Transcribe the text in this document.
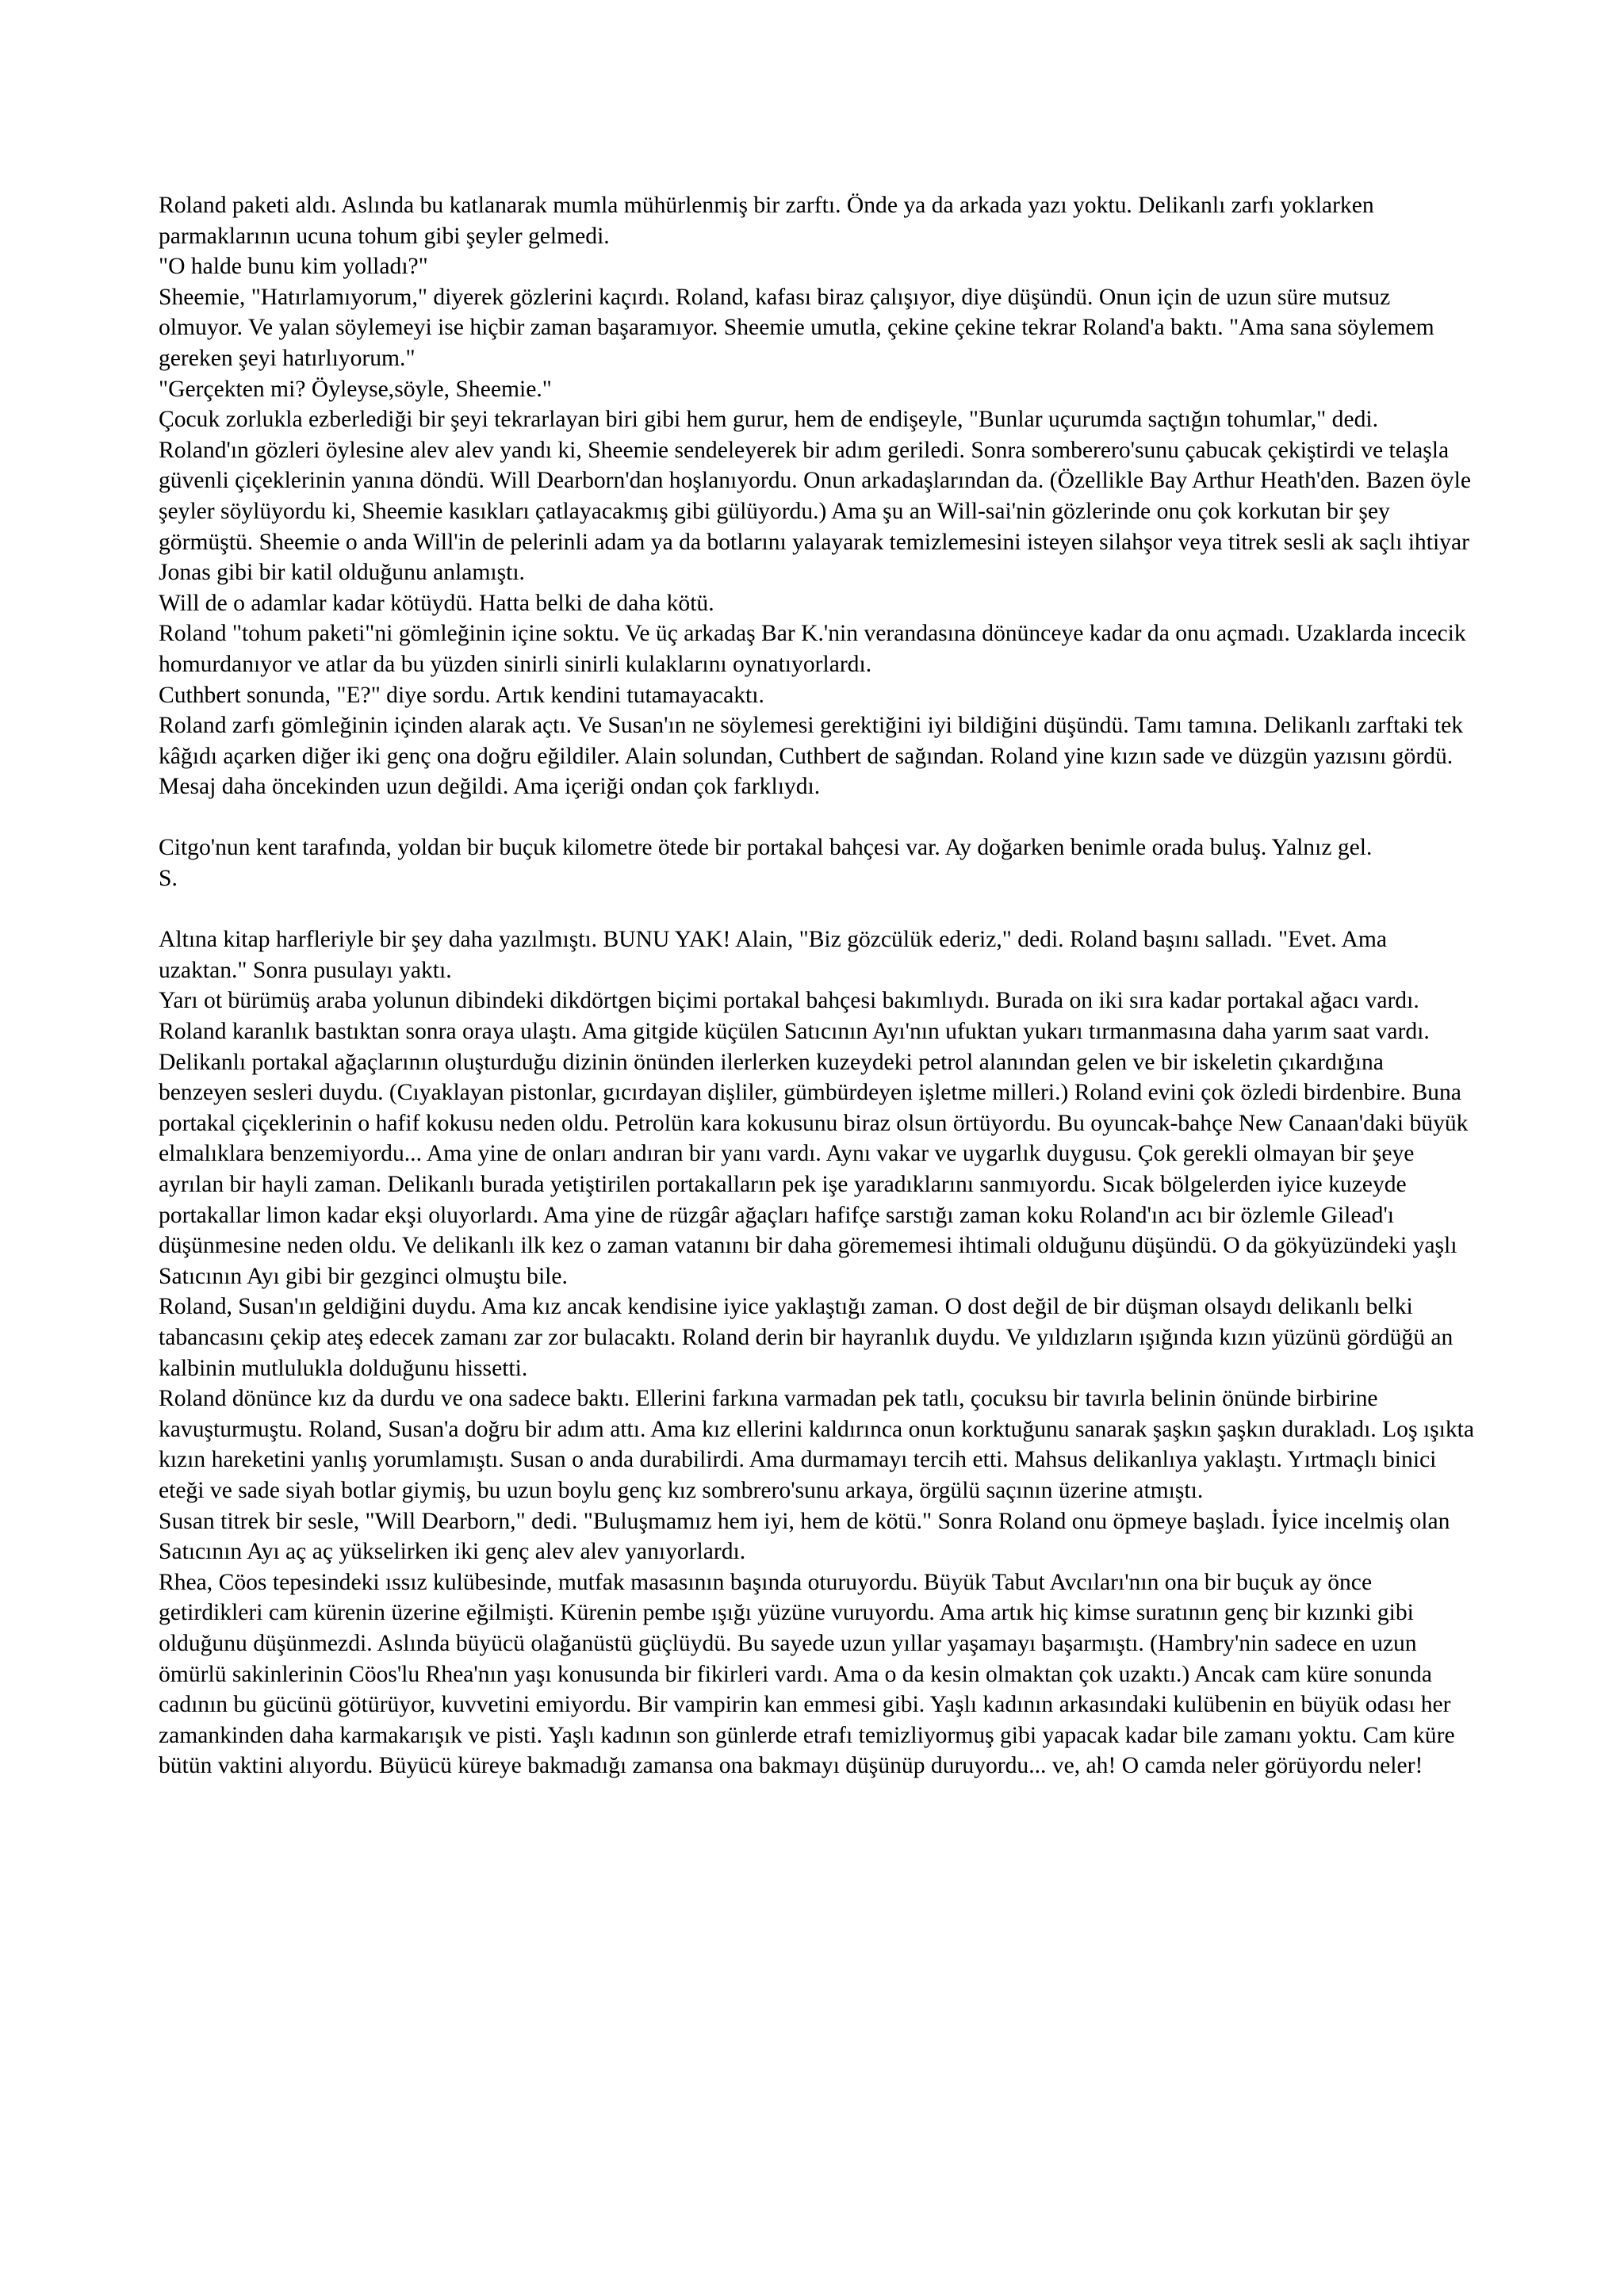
Roland paketi aldı. Aslında bu katlanarak mumla mühürlenmiş bir zarftı. Önde ya da arkada yazı yoktu. Delikanlı zarfı yoklarken parmaklarının ucuna tohum gibi şeyler gelmedi.

"O halde bunu kim yolladı?"

Sheemie, "Hatırlamıyorum," diyerek gözlerini kaçırdı. Roland, kafası biraz çalışıyor, diye düşündü. Onun için de uzun süre mutsuz olmuyor. Ve yalan söylemeyi ise hiçbir zaman başaramıyor. Sheemie umutla, çekine çekine tekrar Roland'a baktı. "Ama sana söylemem gereken şeyi hatırlıyorum."

"Gerçekten mi? Öyleyse,söyle, Sheemie."

Çocuk zorlukla ezberlediği bir şeyi tekrarlayan biri gibi hem gurur, hem de endişeyle, "Bunlar uçurumda saçtığın tohumlar," dedi.

Roland'ın gözleri öylesine alev alev yandı ki, Sheemie sendeleyerek bir adım geriledi. Sonra somberero'sunu çabucak çekiştirdi ve telaşla güvenli çiçeklerinin yanına döndü. Will Dearborn'dan hoşlanıyordu. Onun arkadaşlarından da. (Özellikle Bay Arthur Heath'den. Bazen öyle şeyler söylüyordu ki, Sheemie kasıkları çatlayacakmış gibi gülüyordu.) Ama şu an Will-sai'nin gözlerinde onu çok korkutan bir şey görmüştü. Sheemie o anda Will'in de pelerinli adam ya da botlarını yalayarak temizlemesini isteyen silahşor veya titrek sesli ak saçlı ihtiyar Jonas gibi bir katil olduğunu anlamıştı.

Will de o adamlar kadar kötüydü. Hatta belki de daha kötü.

Roland "tohum paketi"ni gömleğinin içine soktu. Ve üç arkadaş Bar K.'nin verandasına dönünceye kadar da onu açmadı. Uzaklarda incecik homurdanıyor ve atlar da bu yüzden sinirli sinirli kulaklarını oynatıyorlardı.

Cuthbert sonunda, "E?" diye sordu. Artık kendini tutamayacaktı.

Roland zarfı gömleğinin içinden alarak açtı. Ve Susan'ın ne söylemesi gerektiğini iyi bildiğini düşündü. Tamı tamına. Delikanlı zarftaki tek kâğıdı açarken diğer iki genç ona doğru eğildiler. Alain solundan, Cuthbert de sağından. Roland yine kızın sade ve düzgün yazısını gördü. Mesaj daha öncekinden uzun değildi. Ama içeriği ondan çok farklıydı.

Citgo'nun kent tarafında, yoldan bir buçuk kilometre ötede bir portakal bahçesi var. Ay doğarken benimle orada buluş. Yalnız gel.

S.

Altına kitap harfleriyle bir şey daha yazılmıştı. BUNU YAK! Alain, "Biz gözcülük ederiz," dedi. Roland başını salladı. "Evet. Ama uzaktan." Sonra pusulayı yaktı.

Yarı ot bürümüş araba yolunun dibindeki dikdörtgen biçimi portakal bahçesi bakımlıydı. Burada on iki sıra kadar portakal ağacı vardı. Roland karanlık bastıktan sonra oraya ulaştı. Ama gitgide küçülen Satıcının Ayı'nın ufuktan yukarı tırmanmasına daha yarım saat vardı.

Delikanlı portakal ağaçlarının oluşturduğu dizinin önünden ilerlerken kuzeydeki petrol alanından gelen ve bir iskeletin çıkardığına benzeyen sesleri duydu. (Cıyaklayan pistonlar, gıcırdayan dişliler, gümbürdeyen işletme milleri.) Roland evini çok özledi birdenbire. Buna portakal çiçeklerinin o hafif kokusu neden oldu. Petrolün kara kokusunu biraz olsun örtüyordu. Bu oyuncak-bahçe New Canaan'daki büyük elmalıklara benzemiyordu... Ama yine de onları andıran bir yanı vardı. Aynı vakar ve uygarlık duygusu. Çok gerekli olmayan bir şeye ayrılan bir hayli zaman. Delikanlı burada yetiştirilen portakalların pek işe yaradıklarını sanmıyordu. Sıcak bölgelerden iyice kuzeyde portakallar limon kadar ekşi oluyorlardı. Ama yine de rüzgâr ağaçları hafifçe sarstığı zaman koku Roland'ın acı bir özlemle Gilead'ı düşünmesine neden oldu. Ve delikanlı ilk kez o zaman vatanını bir daha görememesi ihtimali olduğunu düşündü. O da gökyüzündeki yaşlı Satıcının Ayı gibi bir gezginci olmuştu bile.

Roland, Susan'ın geldiğini duydu. Ama kız ancak kendisine iyice yaklaştığı zaman. O dost değil de bir düşman olsaydı delikanlı belki tabancasını çekip ateş edecek zamanı zar zor bulacaktı. Roland derin bir hayranlık duydu. Ve yıldızların ışığında kızın yüzünü gördüğü an kalbinin mutlulukla dolduğunu hissetti.

Roland dönünce kız da durdu ve ona sadece baktı. Ellerini farkına varmadan pek tatlı, çocuksu bir tavırla belinin önünde birbirine kavuşturmuştu. Roland, Susan'a doğru bir adım attı. Ama kız ellerini kaldırınca onun korktuğunu sanarak şaşkın şaşkın durakladı. Loş ışıkta kızın hareketini yanlış yorumlamıştı. Susan o anda durabilirdi. Ama durmamayı tercih etti. Mahsus delikanlıya yaklaştı. Yırtmaçlı binici eteği ve sade siyah botlar giymiş, bu uzun boylu genç kız sombrero'sunu arkaya, örgülü saçının üzerine atmıştı.

Susan titrek bir sesle, "Will Dearborn," dedi. "Buluşmamız hem iyi, hem de kötü." Sonra Roland onu öpmeye başladı. İyice incelmiş olan Satıcının Ayı aç aç yükselirken iki genç alev alev yanıyorlardı.

Rhea, Cöos tepesindeki ıssız kulübesinde, mutfak masasının başında oturuyordu. Büyük Tabut Avcıları'nın ona bir buçuk ay önce getirdikleri cam kürenin üzerine eğilmişti. Kürenin pembe ışığı yüzüne vuruyordu. Ama artık hiç kimse suratının genç bir kızınki gibi olduğunu düşünmezdi. Aslında büyücü olağanüstü güçlüydü. Bu sayede uzun yıllar yaşamayı başarmıştı. (Hambry'nin sadece en uzun ömürlü sakinlerinin Cöos'lu Rhea'nın yaşı konusunda bir fikirleri vardı. Ama o da kesin olmaktan çok uzaktı.) Ancak cam küre sonunda cadının bu gücünü götürüyor, kuvvetini emiyordu. Bir vampirin kan emmesi gibi. Yaşlı kadının arkasındaki kulübenin en büyük odası her zamankinden daha karmakarışık ve pisti. Yaşlı kadının son günlerde etrafı temizliyormuş gibi yapacak kadar bile zamanı yoktu. Cam küre bütün vaktini alıyordu. Büyücü küreye bakmadığı zamansa ona bakmayı düşünüp duruyordu... ve, ah! O camda neler görüyordu neler!
